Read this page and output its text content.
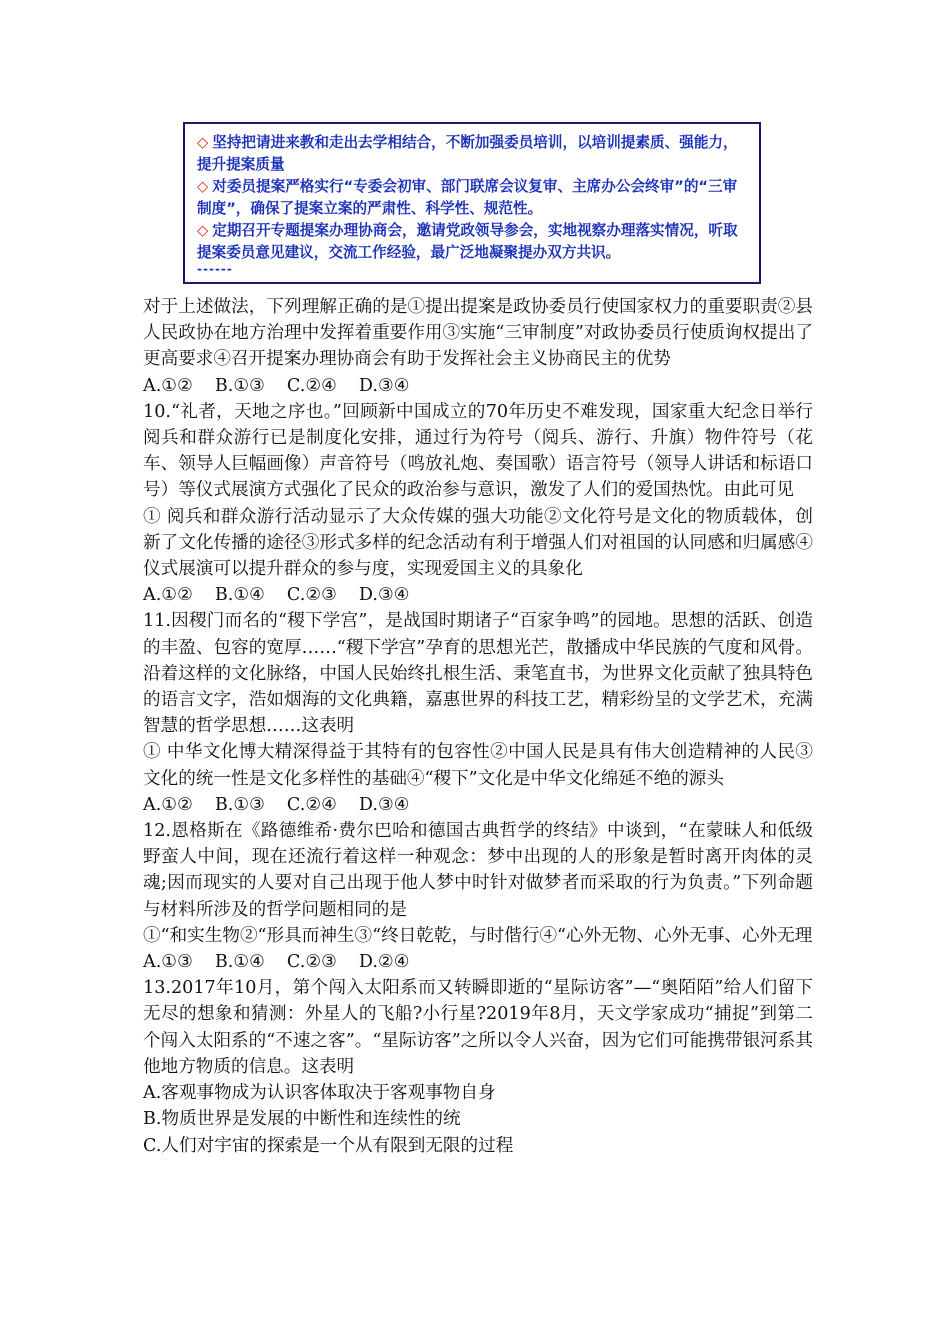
◇ 坚持把请进来教和走出去学相结合，不断加强委员培训，以培训提素质、强能力，提升提案质量
◇ 对委员提案严格实行“专委会初审、部门联席会议复审、主席办公会终审”的“三审制度”，确保了提案立案的严肃性、科学性、规范性。
◇ 定期召开专题提案办理协商会，邀请党政领导参会，实地视察办理落实情况，听取提案委员意见建议，交流工作经验，最广泛地凝聚提办双方共识。
------

对于上述做法，下列理解正确的是①提出提案是政协委员行使国家权力的重要职责②县人民政协在地方治理中发挥着重要作用③实施“三审制度”对政协委员行使质询权提出了更高要求④召开提案办理协商会有助于发挥社会主义协商民主的优势

A.①② B.①③ C.②④ D.③④

10.“礼者，天地之序也。”回顾新中国成立的70年历史不难发现，国家重大纪念日举行阅兵和群众游行已是制度化安排，通过行为符号（阅兵、游行、升旗）物件符号（花车、领导人巨幅画像）声音符号（鸣放礼炮、奏国歌）语言符号（领导人讲话和标语口号）等仪式展演方式强化了民众的政治参与意识，激发了人们的爱国热忱。由此可见

① 阅兵和群众游行活动显示了大众传媒的强大功能②文化符号是文化的物质载体，创新了文化传播的途径③形式多样的纪念活动有利于增强人们对祖国的认同感和归属感④仪式展演可以提升群众的参与度，实现爱国主义的具象化

A.①② B.①④ C.②③ D.③④

11.因稷门而名的“稷下学宫”，是战国时期诸子“百家争鸣”的园地。思想的活跃、创造的丰盈、包容的宽厚……“稷下学宫”孕育的思想光芒，散播成中华民族的气度和风骨。沿着这样的文化脉络，中国人民始终扎根生活、秉笔直书，为世界文化贡献了独具特色的语言文字，浩如烟海的文化典籍，嘉惠世界的科技工艺，精彩纷呈的文学艺术，充满智慧的哲学思想……这表明

① 中华文化博大精深得益于其特有的包容性②中国人民是具有伟大创造精神的人民③文化的统一性是文化多样性的基础④“稷下”文化是中华文化绵延不绝的源头

A.①② B.①③ C.②④ D.③④

12.恩格斯在《路德维希·费尔巴哈和德国古典哲学的终结》中谈到，“在蒙昧人和低级野蛮人中间，现在还流行着这样一种观念：梦中出现的人的形象是暂时离开肉体的灵魂;因而现实的人要对自己出现于他人梦中时针对做梦者而采取的行为负责。”下列命题与材料所涉及的哲学问题相同的是

①“和实生物②“形具而神生③“终日乾乾，与时偕行④“心外无物、心外无事、心外无理

A.①③ B.①④ C.②③ D.②④

13.2017年10月，第个闯入太阳系而又转瞬即逝的“星际访客”—“奥陌陌”给人们留下无尽的想象和猜测：外星人的飞船?小行星?2019年8月，天文学家成功“捕捉”到第二个闯入太阳系的“不速之客”。“星际访客”之所以令人兴奋，因为它们可能携带银河系其他地方物质的信息。这表明

A.客观事物成为认识客体取决于客观事物自身

B.物质世界是发展的中断性和连续性的统

C.人们对宇宙的探索是一个从有限到无限的过程
